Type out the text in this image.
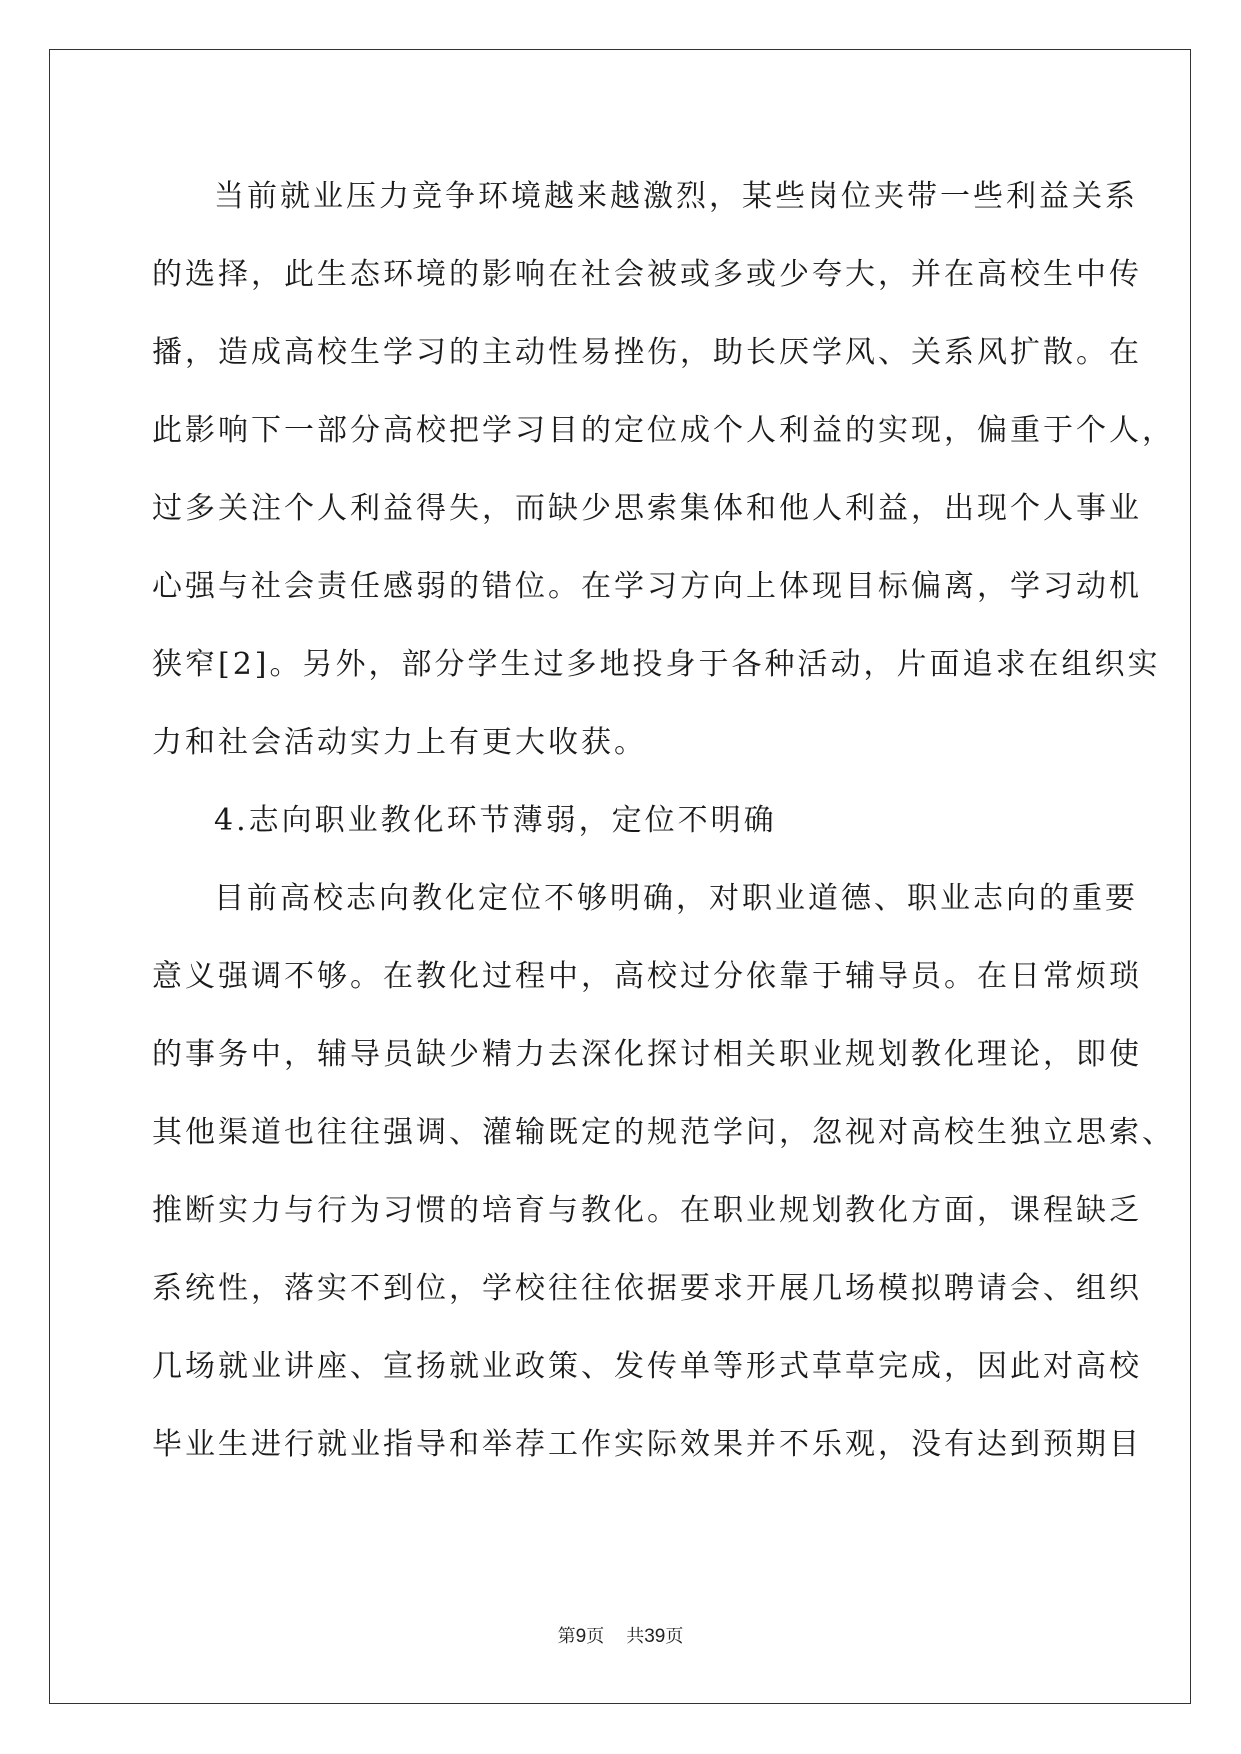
当前就业压力竞争环境越来越激烈，某些岗位夹带一些利益关系
的选择，此生态环境的影响在社会被或多或少夸大，并在高校生中传
播，造成高校生学习的主动性易挫伤，助长厌学风、关系风扩散。在
此影响下一部分高校把学习目的定位成个人利益的实现，偏重于个人，
过多关注个人利益得失，而缺少思索集体和他人利益，出现个人事业
心强与社会责任感弱的错位。在学习方向上体现目标偏离，学习动机
狭窄[2]。另外，部分学生过多地投身于各种活动，片面追求在组织实
力和社会活动实力上有更大收获。
4.志向职业教化环节薄弱，定位不明确
目前高校志向教化定位不够明确，对职业道德、职业志向的重要
意义强调不够。在教化过程中，高校过分依靠于辅导员。在日常烦琐
的事务中，辅导员缺少精力去深化探讨相关职业规划教化理论，即使
其他渠道也往往强调、灌输既定的规范学问，忽视对高校生独立思索、
推断实力与行为习惯的培育与教化。在职业规划教化方面，课程缺乏
系统性，落实不到位，学校往往依据要求开展几场模拟聘请会、组织
几场就业讲座、宣扬就业政策、发传单等形式草草完成，因此对高校
毕业生进行就业指导和举荐工作实际效果并不乐观，没有达到预期目
第9页 共39页
